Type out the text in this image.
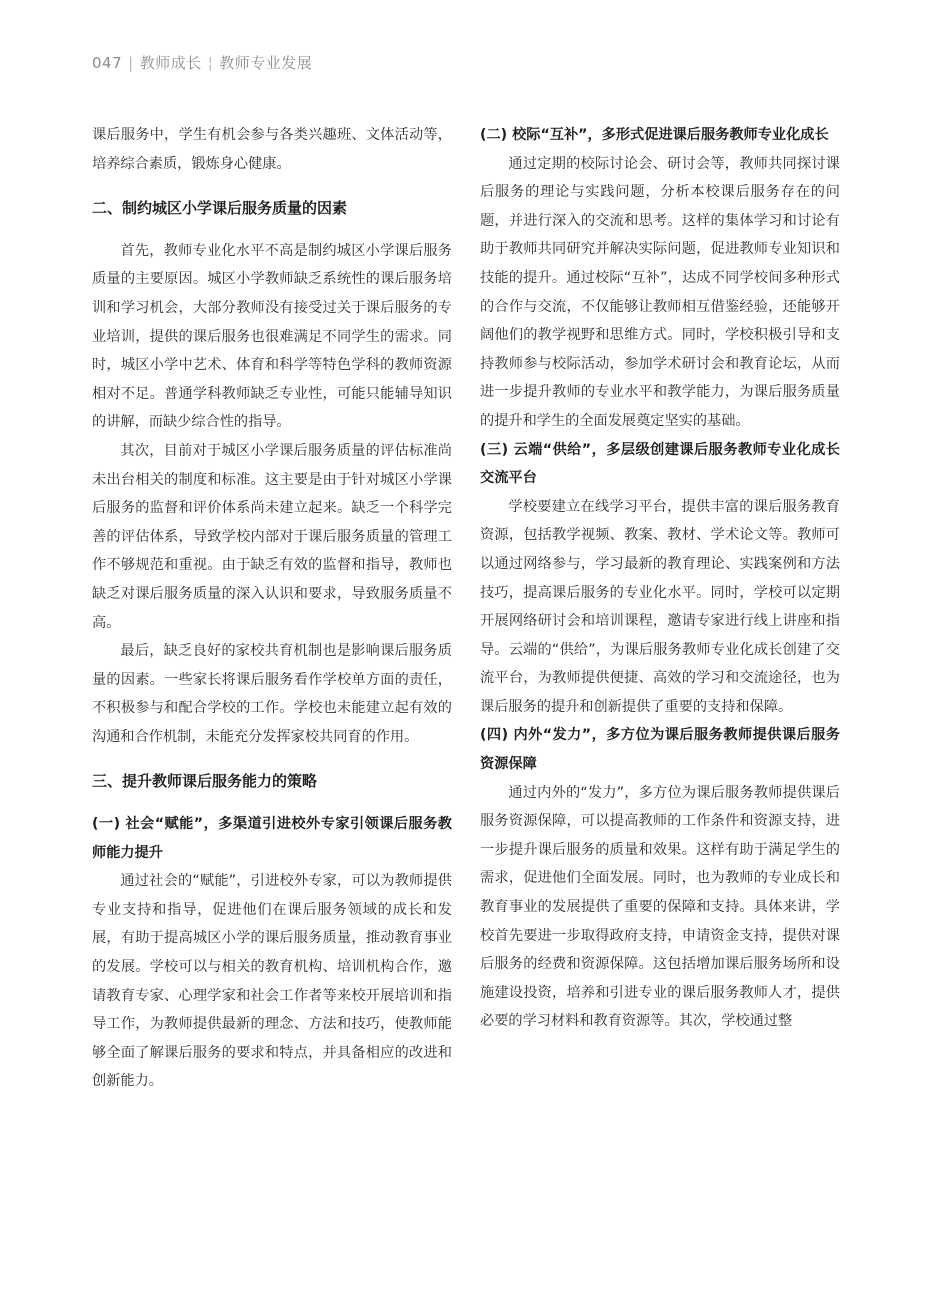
047 | 教师成长 ¦ 教师专业发展

课后服务中，学生有机会参与各类兴趣班、文体活动等，培养综合素质，锻炼身心健康。

二、制约城区小学课后服务质量的因素

首先，教师专业化水平不高是制约城区小学课后服务质量的主要原因。城区小学教师缺乏系统性的课后服务培训和学习机会，大部分教师没有接受过关于课后服务的专业培训，提供的课后服务也很难满足不同学生的需求。同时，城区小学中艺术、体育和科学等特色学科的教师资源相对不足。普通学科教师缺乏专业性，可能只能辅导知识的讲解，而缺少综合性的指导。

其次，目前对于城区小学课后服务质量的评估标准尚未出台相关的制度和标准。这主要是由于针对城区小学课后服务的监督和评价体系尚未建立起来。缺乏一个科学完善的评估体系，导致学校内部对于课后服务质量的管理工作不够规范和重视。由于缺乏有效的监督和指导，教师也缺乏对课后服务质量的深入认识和要求，导致服务质量不高。

最后，缺乏良好的家校共育机制也是影响课后服务质量的因素。一些家长将课后服务看作学校单方面的责任，不积极参与和配合学校的工作。学校也未能建立起有效的沟通和合作机制，未能充分发挥家校共同育的作用。

三、提升教师课后服务能力的策略

(一) 社会“赋能”，多渠道引进校外专家引领课后服务教师能力提升

通过社会的“赋能”，引进校外专家，可以为教师提供专业支持和指导，促进他们在课后服务领域的成长和发展，有助于提高城区小学的课后服务质量，推动教育事业的发展。学校可以与相关的教育机构、培训机构合作，邀请教育专家、心理学家和社会工作者等来校开展培训和指导工作，为教师提供最新的理念、方法和技巧，使教师能够全面了解课后服务的要求和特点，并具备相应的改进和创新能力。

(二) 校际“互补”，多形式促进课后服务教师专业化成长

通过定期的校际讨论会、研讨会等，教师共同探讨课后服务的理论与实践问题，分析本校课后服务存在的问题，并进行深入的交流和思考。这样的集体学习和讨论有助于教师共同研究并解决实际问题，促进教师专业知识和技能的提升。通过校际“互补”，达成不同学校间多种形式的合作与交流，不仅能够让教师相互借鉴经验，还能够开阔他们的教学视野和思维方式。同时，学校积极引导和支持教师参与校际活动，参加学术研讨会和教育论坛，从而进一步提升教师的专业水平和教学能力，为课后服务质量的提升和学生的全面发展奠定坚实的基础。

(三) 云端“供给”，多层级创建课后服务教师专业化成长交流平台

学校要建立在线学习平台，提供丰富的课后服务教育资源，包括教学视频、教案、教材、学术论文等。教师可以通过网络参与，学习最新的教育理论、实践案例和方法技巧，提高课后服务的专业化水平。同时，学校可以定期开展网络研讨会和培训课程，邀请专家进行线上讲座和指导。云端的“供给”，为课后服务教师专业化成长创建了交流平台，为教师提供便捷、高效的学习和交流途径，也为课后服务的提升和创新提供了重要的支持和保障。

(四) 内外“发力”，多方位为课后服务教师提供课后服务资源保障

通过内外的“发力”，多方位为课后服务教师提供课后服务资源保障，可以提高教师的工作条件和资源支持，进一步提升课后服务的质量和效果。这样有助于满足学生的需求，促进他们全面发展。同时，也为教师的专业成长和教育事业的发展提供了重要的保障和支持。具体来讲，学校首先要进一步取得政府支持，申请资金支持，提供对课后服务的经费和资源保障。这包括增加课后服务场所和设施建设投资，培养和引进专业的课后服务教师人才，提供必要的学习材料和教育资源等。其次，学校通过整
